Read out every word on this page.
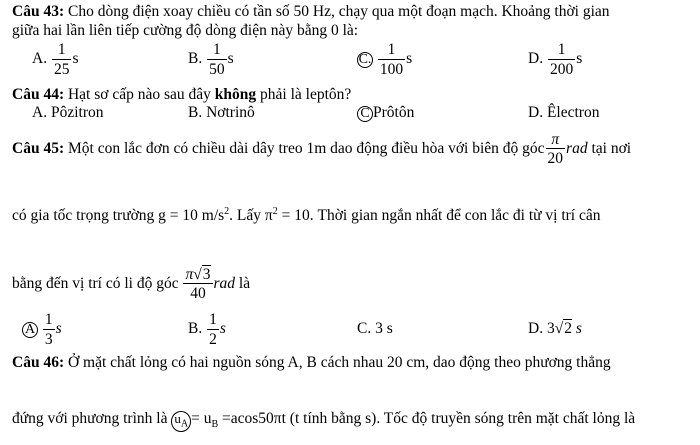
Câu 43: Cho dòng điện xoay chiều có tần số 50 Hz, chạy qua một đoạn mạch. Khoảng thời gian
giữa hai lần liên tiếp cường độ dòng điện này bằng 0 là:
A. $\frac{1}{25}$ s	B. $\frac{1}{50}$ s	C. $\frac{1}{100}$ s	D. $\frac{1}{200}$ s
Câu 44: Hạt sơ cấp nào sau đây không phải là leptôn?
A. Pôzitron	B. Nơtrinô	C Prôtôn	D. Êlectron
Câu 45: Một con lắc đơn có chiều dài dây treo 1m dao động điều hòa với biên độ góc $\frac{\pi}{20}$ rad tại nơi
có gia tốc trọng trường g = 10 $m/s^2$. Lấy $\pi^2 = 10$. Thời gian ngắn nhất để con lắc đi từ vị trí cân
bằng đến vị trí có li độ góc $\frac{\pi√3}{40}$ rad là
A $\frac{1}{3}$ s	B. $\frac{1}{2}$ s	C. 3 s	D. 3√2 s
Câu 46: Ở mặt chất lỏng có hai nguồn sóng A, B cách nhau 20 cm, dao động theo phương thẳng
đứng với phương trình là $u_A = u_B =acos50\pi t$ (t tính bằng s). Tốc độ truyền sóng trên mặt chất lỏng là
